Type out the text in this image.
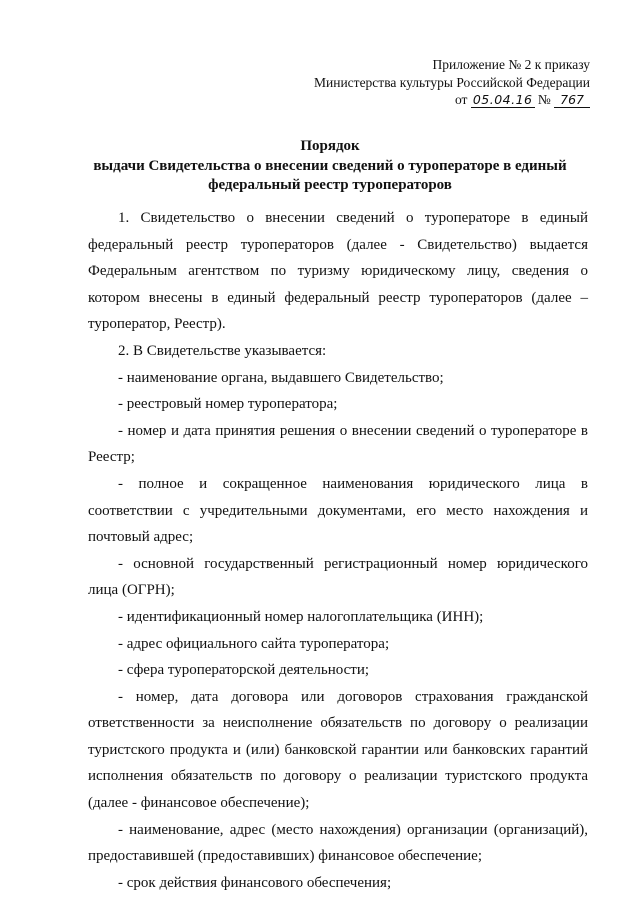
Приложение № 2 к приказу
Министерства культуры Российской Федерации
от 05.04.16 № 767
Порядок
выдачи Свидетельства о внесении сведений о туроператоре в единый
федеральный реестр туроператоров

1. Свидетельство о внесении сведений о туроператоре в единый федеральный реестр туроператоров (далее - Свидетельство) выдается Федеральным агентством по туризму юридическому лицу, сведения о котором внесены в единый федеральный реестр туроператоров (далее – туроператор, Реестр).

2. В Свидетельстве указывается:

- наименование органа, выдавшего Свидетельство;

- реестровый номер туроператора;

- номер и дата принятия решения о внесении сведений о туроператоре в Реестр;

- полное и сокращенное наименования юридического лица в соответствии с учредительными документами, его место нахождения и почтовый адрес;

- основной государственный регистрационный номер юридического лица (ОГРН);

- идентификационный номер налогоплательщика (ИНН);

- адрес официального сайта туроператора;

- сфера туроператорской деятельности;

- номер, дата договора или договоров страхования гражданской ответственности за неисполнение обязательств по договору о реализации туристского продукта и (или) банковской гарантии или банковских гарантий исполнения обязательств по договору о реализации туристского продукта (далее - финансовое обеспечение);

- наименование, адрес (место нахождения) организации (организаций), предоставившей (предоставивших) финансовое обеспечение;

- срок действия финансового обеспечения;
